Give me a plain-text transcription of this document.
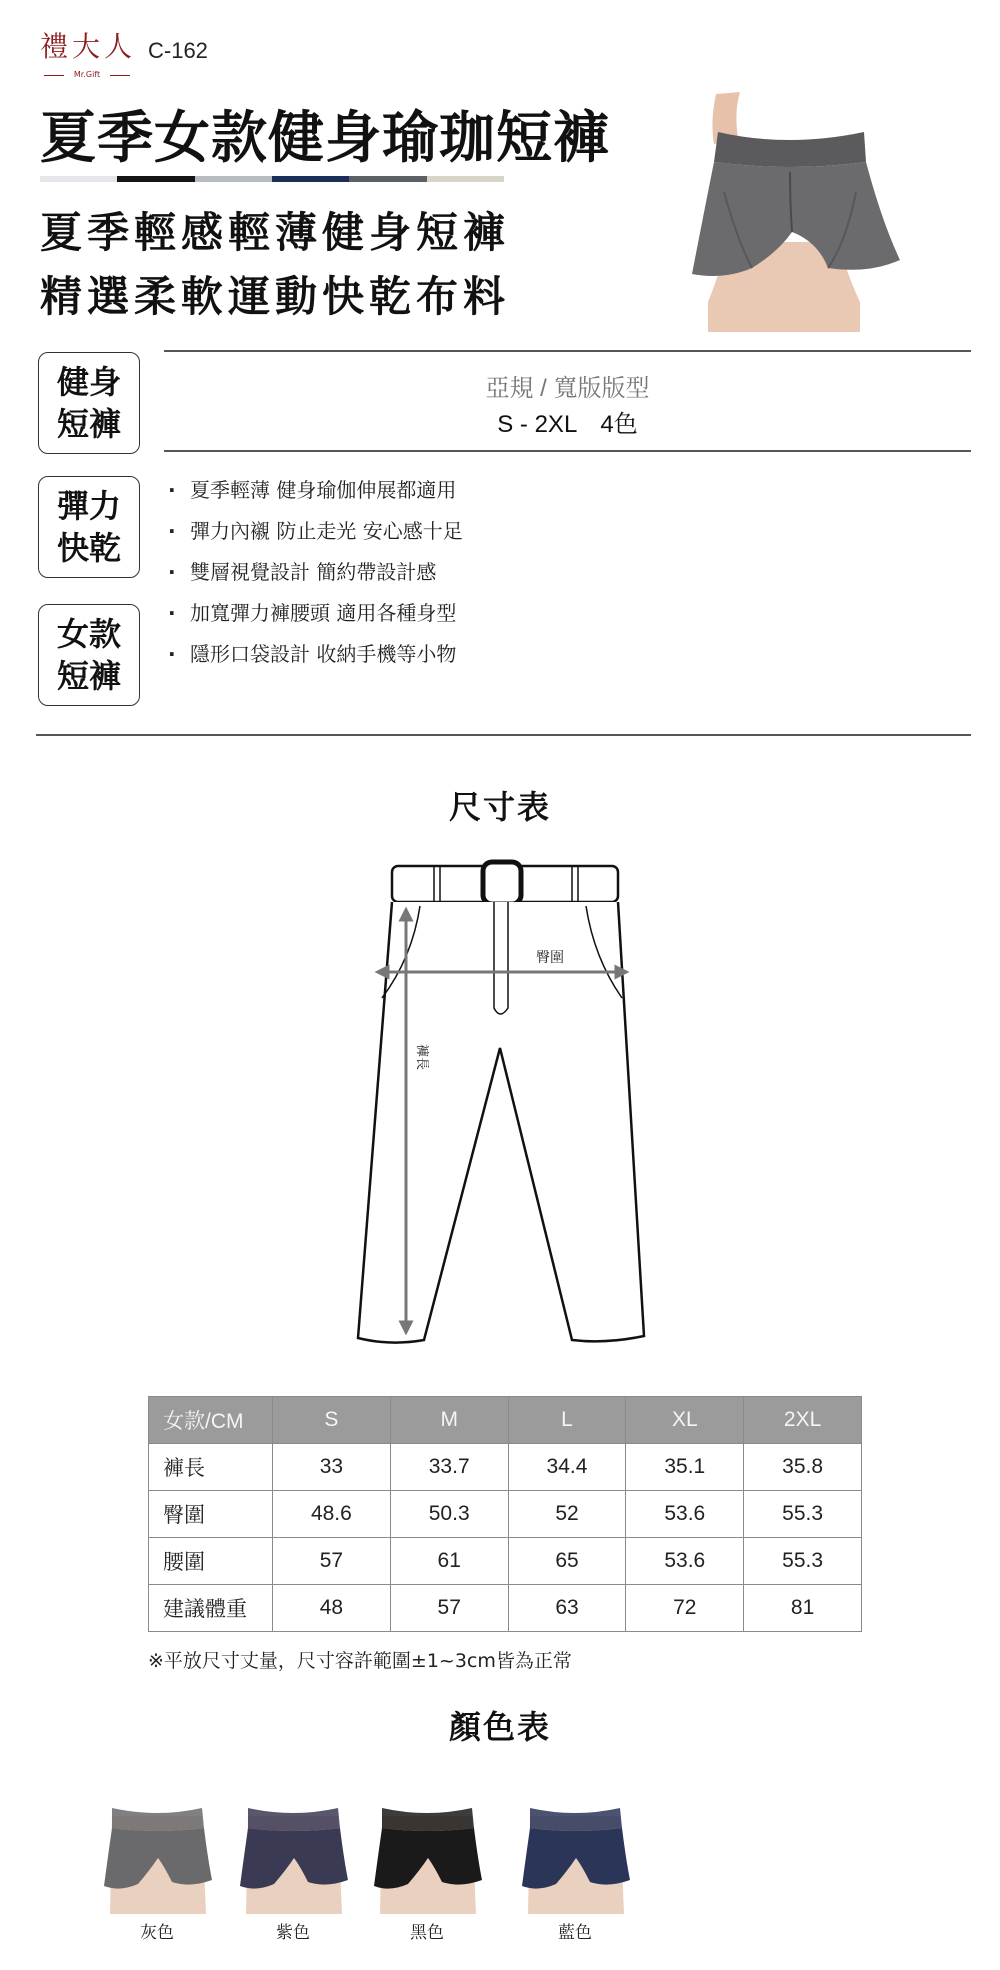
禮大人
Mr.Gift
C-162
夏季女款健身瑜珈短褲
夏季輕感輕薄健身短褲
精選柔軟運動快乾布料
健身
短褲
彈力
快乾
女款
短褲
亞規 / 寬版版型
S - 2XL　4色
· 夏季輕薄 健身瑜伽伸展都適用
· 彈力內襯 防止走光 安心感十足
· 雙層視覺設計 簡約帶設計感
· 加寬彈力褲腰頭 適用各種身型
· 隱形口袋設計 收納手機等小物
尺寸表
臀圍
褲長
女款/CM	S	M	L	XL	2XL
褲長	33	33.7	34.4	35.1	35.8
臀圍	48.6	50.3	52	53.6	55.3
腰圍	57	61	65	53.6	55.3
建議體重	48	57	63	72	81
※平放尺寸丈量，尺寸容許範圍±1~3cm皆為正常
顏色表
灰色	紫色	黑色	藍色
